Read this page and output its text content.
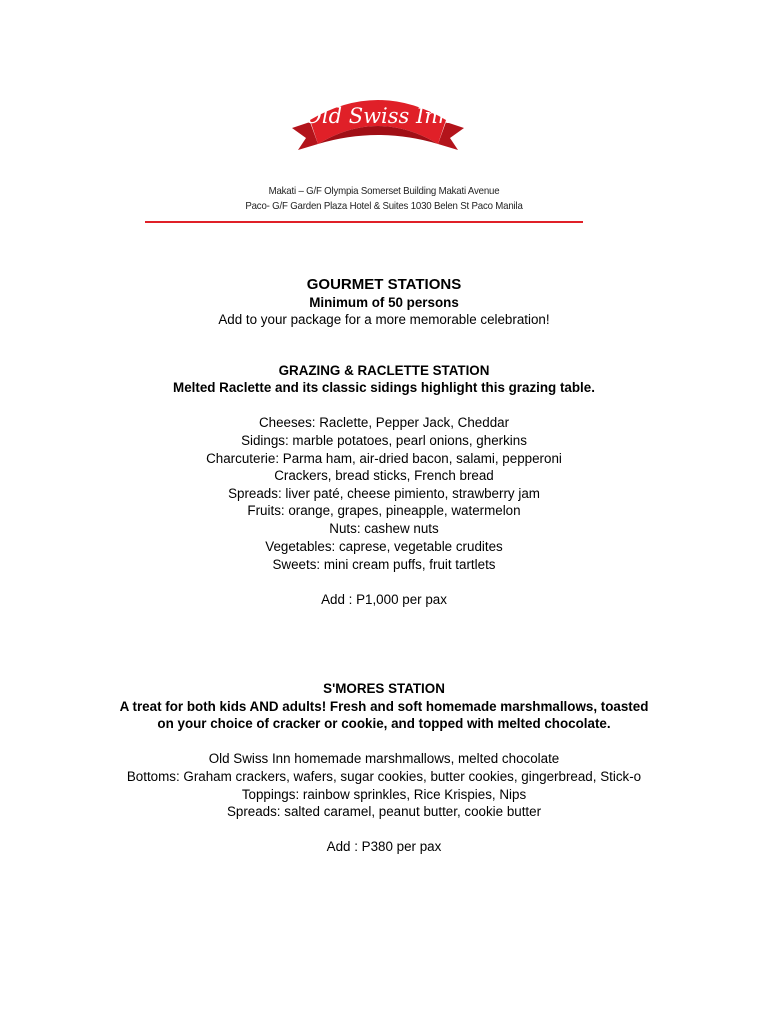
Old Swiss Inn
Makati – G/F Olympia Somerset Building Makati Avenue
Paco- G/F Garden Plaza Hotel & Suites 1030 Belen St Paco Manila
GOURMET STATIONS
Minimum of 50 persons
Add to your package for a more memorable celebration!
GRAZING & RACLETTE STATION
Melted Raclette and its classic sidings highlight this grazing table.
Cheeses: Raclette, Pepper Jack, Cheddar
Sidings: marble potatoes, pearl onions, gherkins
Charcuterie: Parma ham, air-dried bacon, salami, pepperoni
Crackers, bread sticks, French bread
Spreads: liver paté, cheese pimiento, strawberry jam
Fruits: orange, grapes, pineapple, watermelon
Nuts: cashew nuts
Vegetables: caprese, vegetable crudites
Sweets: mini cream puffs, fruit tartlets
Add : P1,000 per pax
S'MORES STATION
A treat for both kids AND adults! Fresh and soft homemade marshmallows, toasted
on your choice of cracker or cookie, and topped with melted chocolate.
Old Swiss Inn homemade marshmallows, melted chocolate
Bottoms: Graham crackers, wafers, sugar cookies, butter cookies, gingerbread, Stick-o
Toppings: rainbow sprinkles, Rice Krispies, Nips
Spreads: salted caramel, peanut butter, cookie butter
Add : P380 per pax
